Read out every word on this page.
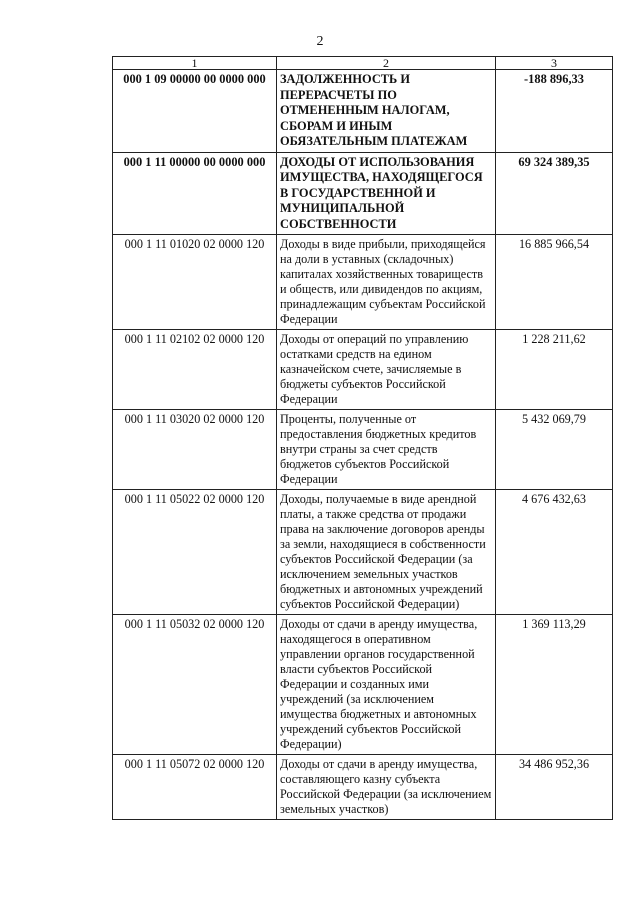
2
1	2	3
000 1 09 00000 00 0000 000	ЗАДОЛЖЕННОСТЬ И ПЕРЕРАСЧЕТЫ ПО ОТМЕНЕННЫМ НАЛОГАМ, СБОРАМ И ИНЫМ ОБЯЗАТЕЛЬНЫМ ПЛАТЕЖАМ	-188 896,33
000 1 11 00000 00 0000 000	ДОХОДЫ ОТ ИСПОЛЬЗОВАНИЯ ИМУЩЕСТВА, НАХОДЯЩЕГОСЯ В ГОСУДАРСТВЕННОЙ И МУНИЦИПАЛЬНОЙ СОБСТВЕННОСТИ	69 324 389,35
000 1 11 01020 02 0000 120	Доходы в виде прибыли, приходящейся на доли в уставных (складочных) капиталах хозяйственных товариществ и обществ, или дивидендов по акциям, принадлежащим субъектам Российской Федерации	16 885 966,54
000 1 11 02102 02 0000 120	Доходы от операций по управлению остатками средств на едином казначейском счете, зачисляемые в бюджеты субъектов Российской Федерации	1 228 211,62
000 1 11 03020 02 0000 120	Проценты, полученные от предоставления бюджетных кредитов внутри страны за счет средств бюджетов субъектов Российской Федерации	5 432 069,79
000 1 11 05022 02 0000 120	Доходы, получаемые в виде арендной платы, а также средства от продажи права на заключение договоров аренды за земли, находящиеся в собственности субъектов Российской Федерации (за исключением земельных участков бюджетных и автономных учреждений субъектов Российской Федерации)	4 676 432,63
000 1 11 05032 02 0000 120	Доходы от сдачи в аренду имущества, находящегося в оперативном управлении органов государственной власти субъектов Российской Федерации и созданных ими учреждений (за исключением имущества бюджетных и автономных учреждений субъектов Российской Федерации)	1 369 113,29
000 1 11 05072 02 0000 120	Доходы от сдачи в аренду имущества, составляющего казну субъекта Российской Федерации (за исключением земельных участков)	34 486 952,36
